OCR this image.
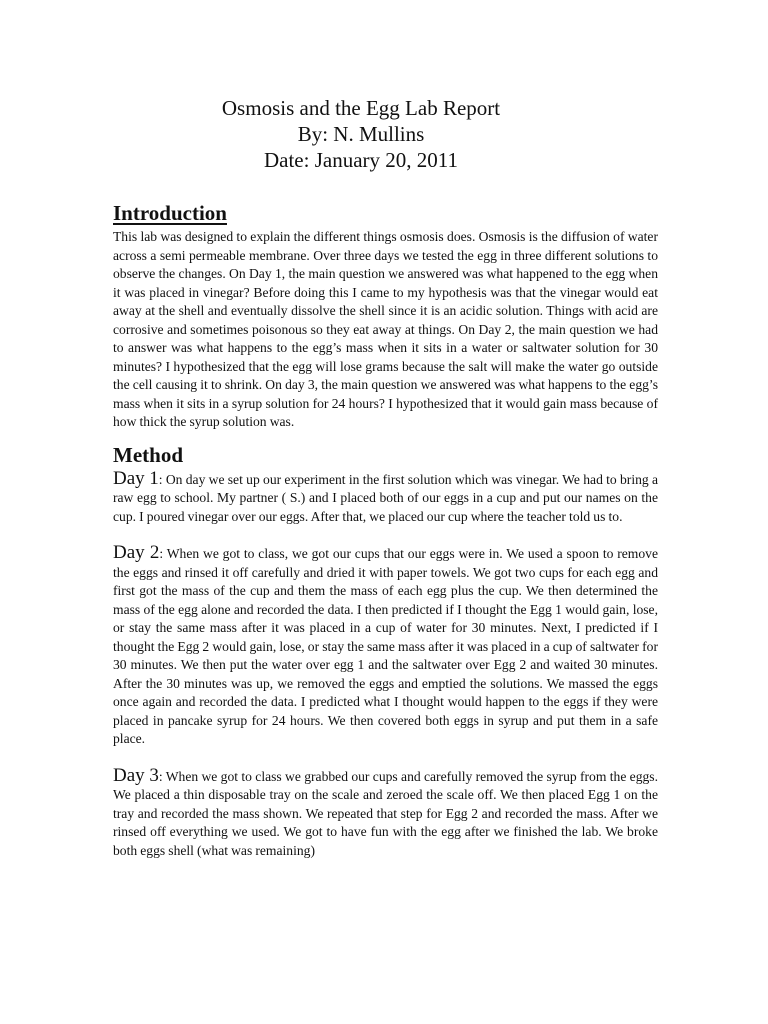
Osmosis and the Egg Lab Report
By: N. Mullins
Date: January 20, 2011
Introduction

This lab was designed to explain the different things osmosis does. Osmosis is the diffusion of water across a semi permeable membrane. Over three days we tested the egg in three different solutions to observe the changes. On Day 1, the main question we answered was what happened to the egg when it was placed in vinegar? Before doing this I came to my hypothesis was that the vinegar would eat away at the shell and eventually dissolve the shell since it is an acidic solution. Things with acid are corrosive and sometimes poisonous so they eat away at things. On Day 2, the main question we had to answer was what happens to the egg’s mass when it sits in a water or saltwater solution for 30 minutes? I hypothesized that the egg will lose grams because the salt will make the water go outside the cell causing it to shrink. On day 3, the main question we answered was what happens to the egg’s mass when it sits in a syrup solution for 24 hours? I hypothesized that it would gain mass because of how thick the syrup solution was.

Method

Day 1: On day we set up our experiment in the first solution which was vinegar. We had to bring a raw egg to school. My partner ( S.) and I placed both of our eggs in a cup and put our names on the cup. I poured vinegar over our eggs. After that, we placed our cup where the teacher told us to.

Day 2: When we got to class, we got our cups that our eggs were in. We used a spoon to remove the eggs and rinsed it off carefully and dried it with paper towels. We got two cups for each egg and first got the mass of the cup and them the mass of each egg plus the cup. We then determined the mass of the egg alone and recorded the data. I then predicted if I thought the Egg 1 would gain, lose, or stay the same mass after it was placed in a cup of water for 30 minutes. Next, I predicted if I thought the Egg 2 would gain, lose, or stay the same mass after it was placed in a cup of saltwater for 30 minutes. We then put the water over egg 1 and the saltwater over Egg 2 and waited 30 minutes. After the 30 minutes was up, we removed the eggs and emptied the solutions. We massed the eggs once again and recorded the data. I predicted what I thought would happen to the eggs if they were placed in pancake syrup for 24 hours. We then covered both eggs in syrup and put them in a safe place.

Day 3: When we got to class we grabbed our cups and carefully removed the syrup from the eggs. We placed a thin disposable tray on the scale and zeroed the scale off. We then placed Egg 1 on the tray and recorded the mass shown. We repeated that step for Egg 2 and recorded the mass. After we rinsed off everything we used. We got to have fun with the egg after we finished the lab. We broke both eggs shell (what was remaining)
